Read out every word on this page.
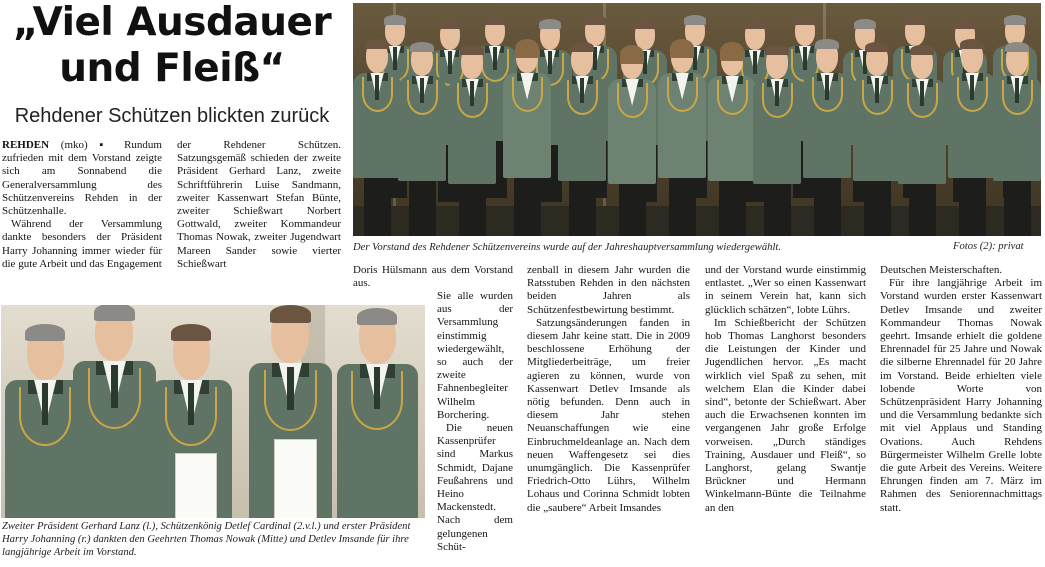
„Viel Ausdauer
und Fleiß“
Rehdener Schützen blickten zurück

REHDEN (mko) ▪ Rundum zufrieden mit dem Vorstand zeigte sich am Sonnabend die Generalversammlung des Schützenvereins Rehden in der Schützenhalle.

Während der Versammlung dankte besonders der Präsident Harry Johanning immer wieder für die gute Arbeit und das Engagement

der Rehdener Schützen. Satzungsgemäß schieden der zweite Präsident Gerhard Lanz, zweite Schriftführerin Luise Sandmann, zweiter Kassenwart Stefan Bünte, zweiter Schießwart Norbert Gottwald, zweiter Kommandeur Thomas Nowak, zweiter Jugendwart Mareen Sander sowie vierter Schießwart

Doris Hülsmann aus dem Vorstand aus.

Sie alle wurden aus der Versammlung einstimmig wiedergewählt, so auch der zweite Fahnenbegleiter Wilhelm Borchering.

Die neuen Kassenprüfer sind Markus Schmidt, Dajane Feußahrens und Heino Mackenstedt. Nach dem gelungenen Schüt-

zenball in diesem Jahr wurden die Ratsstuben Rehden in den nächsten beiden Jahren als Schützenfestbewirtung bestimmt.

Satzungsänderungen fanden in diesem Jahr keine statt. Die in 2009 beschlossene Erhöhung der Mitgliederbeiträge, um freier agieren zu können, wurde von Kassenwart Detlev Imsande als nötig befunden. Denn auch in diesem Jahr stehen Neuanschaffungen wie eine Einbruchmeldeanlage an. Nach dem neuen Waffengesetz sei dies unumgänglich. Die Kassenprüfer Friedrich-Otto Lührs, Wilhelm Lohaus und Corinna Schmidt lobten die „saubere“ Arbeit Imsandes

und der Vorstand wurde einstimmig entlastet. „Wer so einen Kassenwart in seinem Verein hat, kann sich glücklich schätzen“, lobte Lührs.

Im Schießbericht der Schützen hob Thomas Langhorst besonders die Leistungen der Kinder und Jugendlichen hervor. „Es macht wirklich viel Spaß zu sehen, mit welchem Elan die Kinder dabei sind“, betonte der Schießwart. Aber auch die Erwachsenen konnten im vergangenen Jahr große Erfolge vorweisen. „Durch ständiges Training, Ausdauer und Fleiß“, so Langhorst, gelang Swantje Brückner und Hermann Winkelmann-Büntе die Teilnahme an den

Deutschen Meisterschaften.

Für ihre langjährige Arbeit im Vorstand wurden erster Kassenwart Detlev Imsande und zweiter Kommandeur Thomas Nowak geehrt. Imsande erhielt die goldene Ehrennadel für 25 Jahre und Nowak die silberne Ehrennadel für 20 Jahre im Vorstand. Beide erhielten viele lobende Worte von Schützenpräsident Harry Johanning und die Versammlung bedankte sich mit viel Applaus und Standing Ovations. Auch Rehdens Bürgermeister Wilhelm Grelle lobte die gute Arbeit des Vereins. Weitere Ehrungen finden am 7. März im Rahmen des Seniorennachmittags statt.

Der Vorstand des Rehdener Schützenvereins wurde auf der Jahreshauptversammlung wiedergewählt.	Fotos (2): privat
Zweiter Präsident Gerhard Lanz (l.), Schützenkönig Detlef Cardinal (2.v.l.) und erster Präsident Harry Johanning (r.) dankten den Geehrten Thomas Nowak (Mitte) und Detlev Imsande für ihre langjährige Arbeit im Vorstand.
